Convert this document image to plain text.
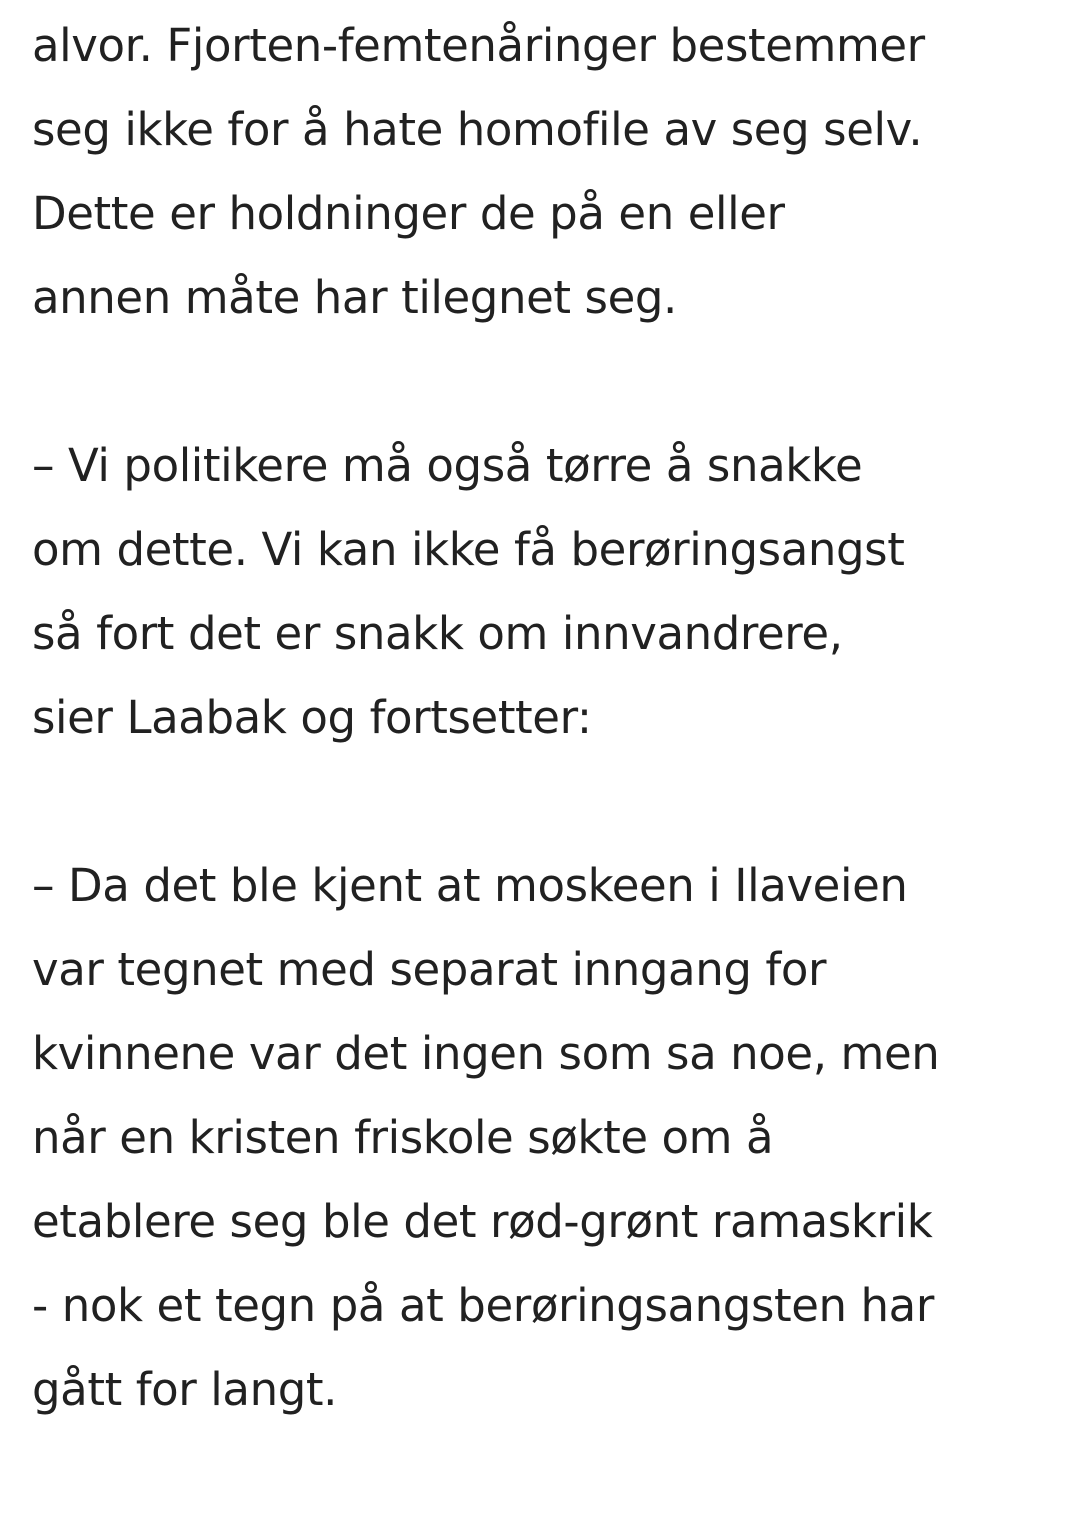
alvor. Fjorten-femtenåringer bestemmer
seg ikke for å hate homofile av seg selv.
Dette er holdninger de på en eller
annen måte har tilegnet seg.

– Vi politikere må også tørre å snakke
om dette. Vi kan ikke få berøringsangst
så fort det er snakk om innvandrere,
sier Laabak og fortsetter:

– Da det ble kjent at moskeen i Ilaveien
var tegnet med separat inngang for
kvinnene var det ingen som sa noe, men
når en kristen friskole søkte om å
etablere seg ble det rød-grønt ramaskrik
- nok et tegn på at berøringsangsten har
gått for langt.
